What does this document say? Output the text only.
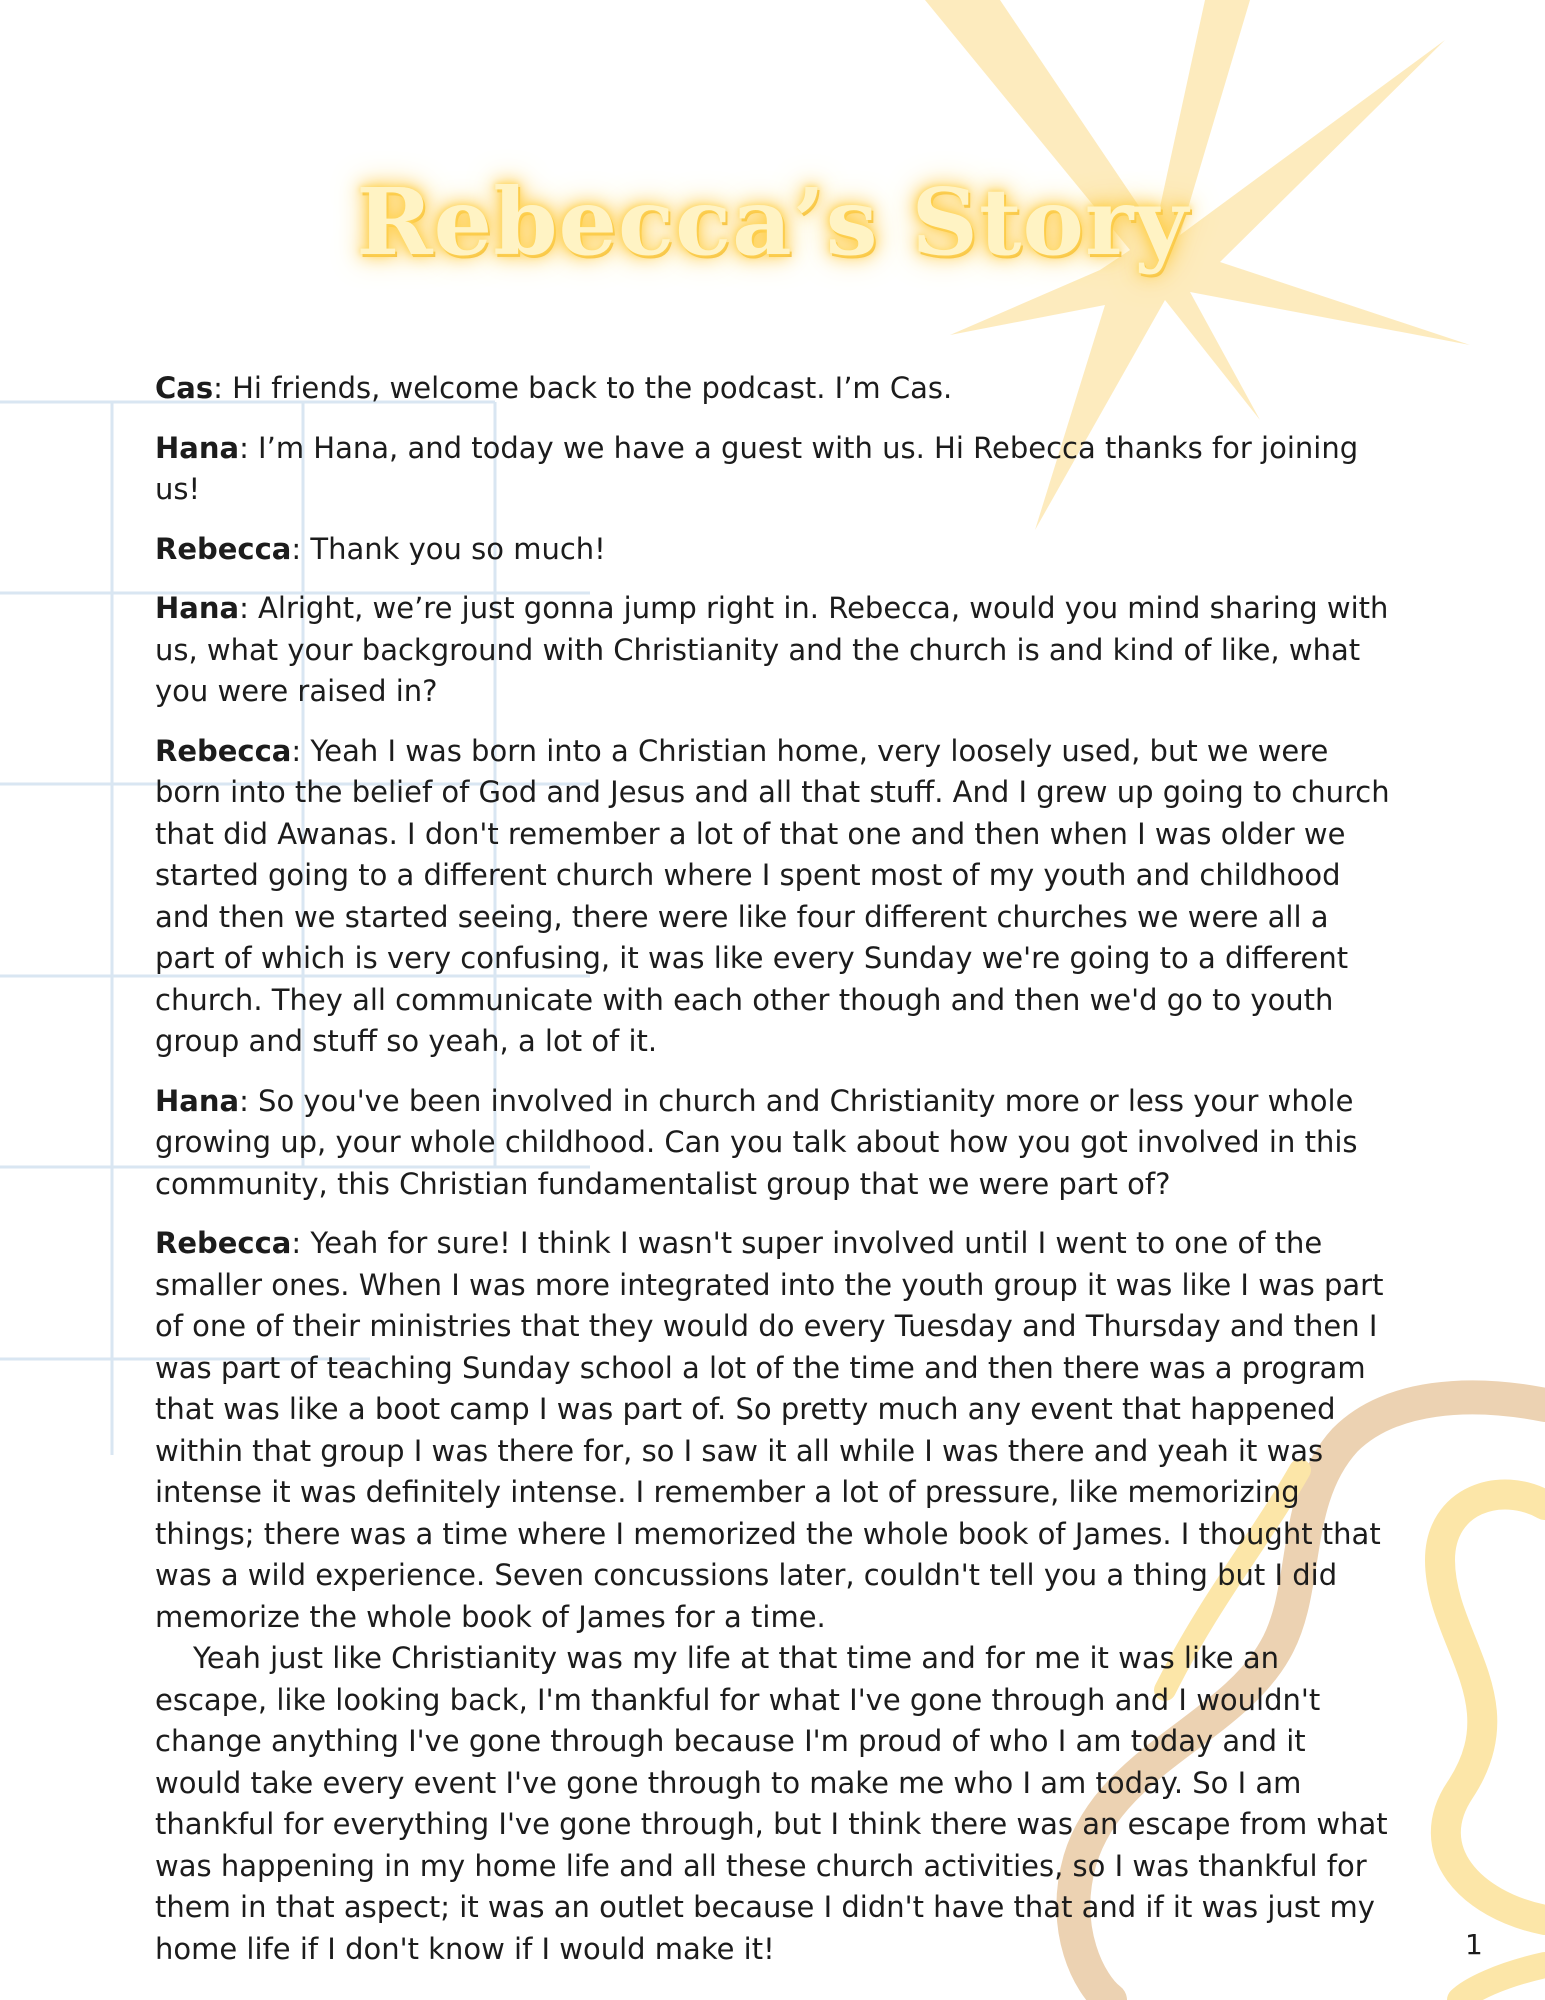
Rebecca’s Story

Cas: Hi friends, welcome back to the podcast. I’m Cas.

Hana: I’m Hana, and today we have a guest with us. Hi Rebecca thanks for joining us!

Rebecca: Thank you so much!

Hana: Alright, we’re just gonna jump right in. Rebecca, would you mind sharing with us, what your background with Christianity and the church is and kind of like, what you were raised in?

Rebecca: Yeah I was born into a Christian home, very loosely used, but we were born into the belief of God and Jesus and all that stuff. And I grew up going to church that did Awanas. I don't remember a lot of that one and then when I was older we started going to a different church where I spent most of my youth and childhood and then we started seeing, there were like four different churches we were all a part of which is very confusing, it was like every Sunday we're going to a different church. They all communicate with each other though and then we'd go to youth group and stuff so yeah, a lot of it.

Hana: So you've been involved in church and Christianity more or less your whole growing up, your whole childhood. Can you talk about how you got involved in this community, this Christian fundamentalist group that we were part of?

Rebecca: Yeah for sure! I think I wasn't super involved until I went to one of the smaller ones. When I was more integrated into the youth group it was like I was part of one of their ministries that they would do every Tuesday and Thursday and then I was part of teaching Sunday school a lot of the time and then there was a program that was like a boot camp I was part of. So pretty much any event that happened within that group I was there for, so I saw it all while I was there and yeah it was intense it was definitely intense. I remember a lot of pressure, like memorizing things; there was a time where I memorized the whole book of James. I thought that was a wild experience. Seven concussions later, couldn't tell you a thing but I did memorize the whole book of James for a time.

Yeah just like Christianity was my life at that time and for me it was like an escape, like looking back, I'm thankful for what I've gone through and I wouldn't change anything I've gone through because I'm proud of who I am today and it would take every event I've gone through to make me who I am today. So I am thankful for everything I've gone through, but I think there was an escape from what was happening in my home life and all these church activities, so I was thankful for them in that aspect; it was an outlet because I didn't have that and if it was just my home life if I don't know if I would make it!	1
